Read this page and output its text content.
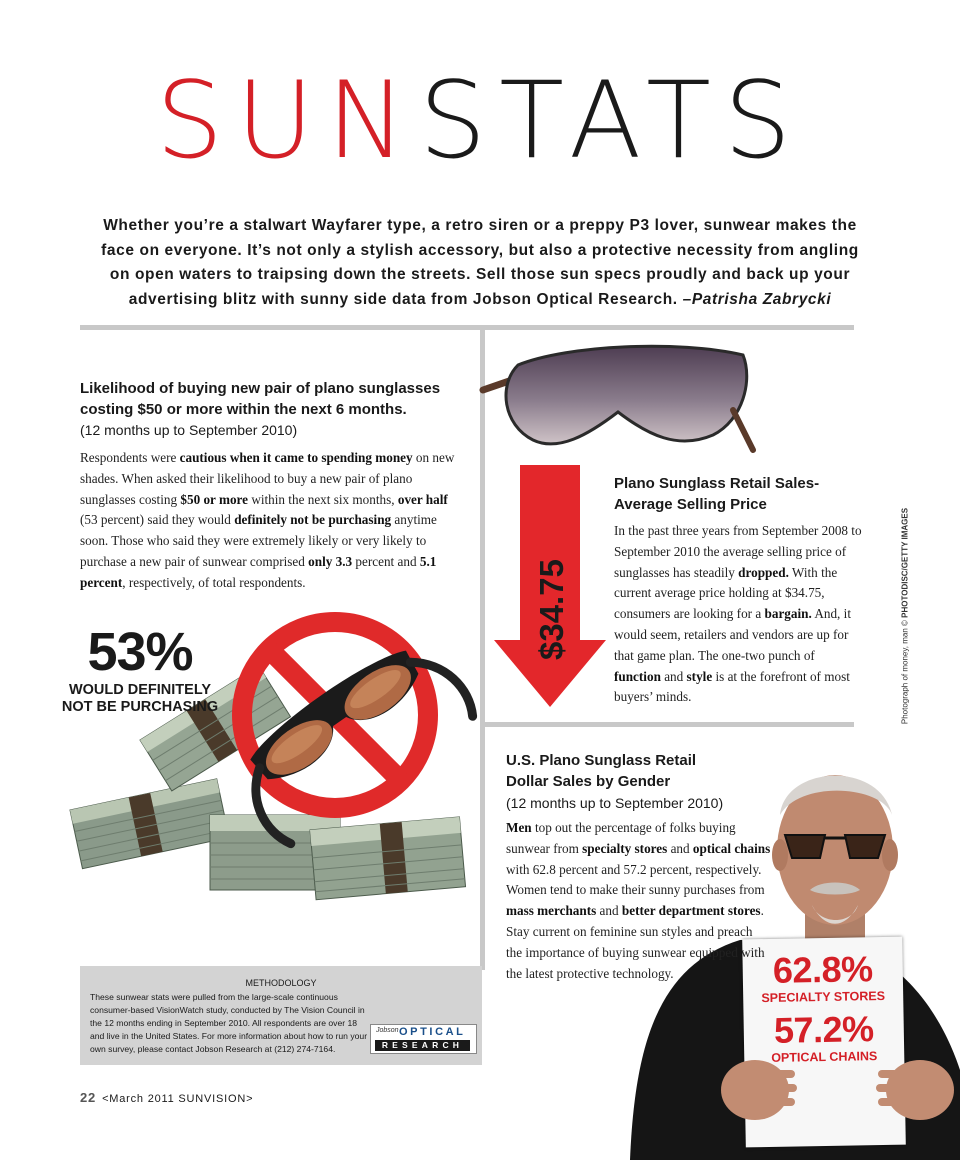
SUNSTATS
Whether you’re a stalwart Wayfarer type, a retro siren or a preppy P3 lover, sunwear makes the face on everyone. It’s not only a stylish accessory, but also a protective necessity from angling on open waters to traipsing down the streets. Sell those sun specs proudly and back up your advertising blitz with sunny side data from Jobson Optical Research. –Patrisha Zabrycki
Likelihood of buying new pair of plano sunglasses costing $50 or more within the next 6 months.
(12 months up to September 2010)
Respondents were cautious when it came to spending money on new shades. When asked their likelihood to buy a new pair of plano sunglasses costing $50 or more within the next six months, over half (53 percent) said they would definitely not be purchasing anytime soon. Those who said they were extremely likely or very likely to purchase a new pair of sunwear comprised only 3.3 percent and 5.1 percent, respectively, of total respondents.
53%
WOULD DEFINITELY
NOT BE PURCHASING
METHODOLOGY
These sunwear stats were pulled from the large-scale continuous consumer-based VisionWatch study, conducted by The Vision Council in the 12 months ending in September 2010. All respondents are over 18 and live in the United States. For more information about how to run your own survey, please contact Jobson Research at (212) 274-7164.
Jobson OPTICAL
RESEARCH
$34.75
Plano Sunglass Retail Sales-
Average Selling Price
In the past three years from September 2008 to September 2010 the average selling price of sunglasses has steadily dropped. With the current average price holding at $34.75, consumers are looking for a bargain. And, it would seem, retailers and vendors are up for that game plan. The one-two punch of function and style is at the forefront of most buyers’ minds.
U.S. Plano Sunglass Retail
Dollar Sales by Gender
(12 months up to September 2010)
62.8%
SPECIALTY STORES
57.2%
OPTICAL CHAINS
Men top out the percentage of folks buying sunwear from specialty stores and optical chains with 62.8 percent and 57.2 percent, respectively. Women tend to make their sunny purchases from mass merchants and better department stores. Stay current on feminine sun styles and preach the importance of buying sunwear equipped with the latest protective technology.
Photograph of money, man © PHOTODISC/GETTY IMAGES
22 <March 2011 SUNVISION>
